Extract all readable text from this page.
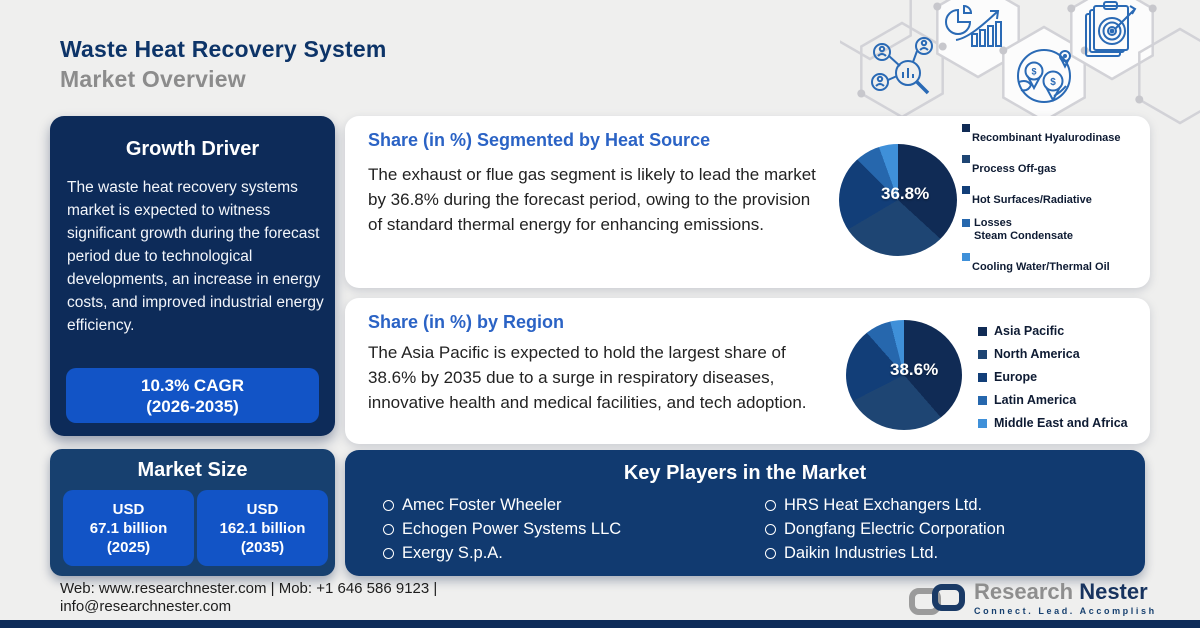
$
$
Waste Heat Recovery System
Market Overview
Growth Driver
The waste heat recovery systems market is expected to witness significant growth during the forecast period due to technological developments, an increase in energy costs, and improved industrial energy efficiency.
10.3% CAGR
(2026-2035)
Share (in %) Segmented by Heat Source
The exhaust or flue gas segment is likely to lead the market by 36.8% during the forecast period, owing to the provision of standard thermal energy for enhancing emissions.
36.8%
Recombinant Hyalurodinase
Process Off-gas
Hot Surfaces/Radiative
Losses
Steam Condensate
Cooling Water/Thermal Oil
Share (in %) by Region
The Asia Pacific is expected to hold the largest share of 38.6% by 2035 due to a surge in respiratory diseases, innovative health and medical facilities, and tech adoption.
38.6%
Asia Pacific
North America
Europe
Latin America
Middle East and Africa
Market Size
USD
67.1 billion
(2025)
USD
162.1 billion
(2035)
Key Players in the Market
Amec Foster Wheeler
Echogen Power Systems LLC
Exergy S.p.A.
HRS Heat Exchangers Ltd.
Dongfang Electric Corporation
Daikin Industries Ltd.
Web: www.researchnester.com | Mob: +1 646 586 9123 |
info@researchnester.com
Research Nester
Connect. Lead. Accomplish
